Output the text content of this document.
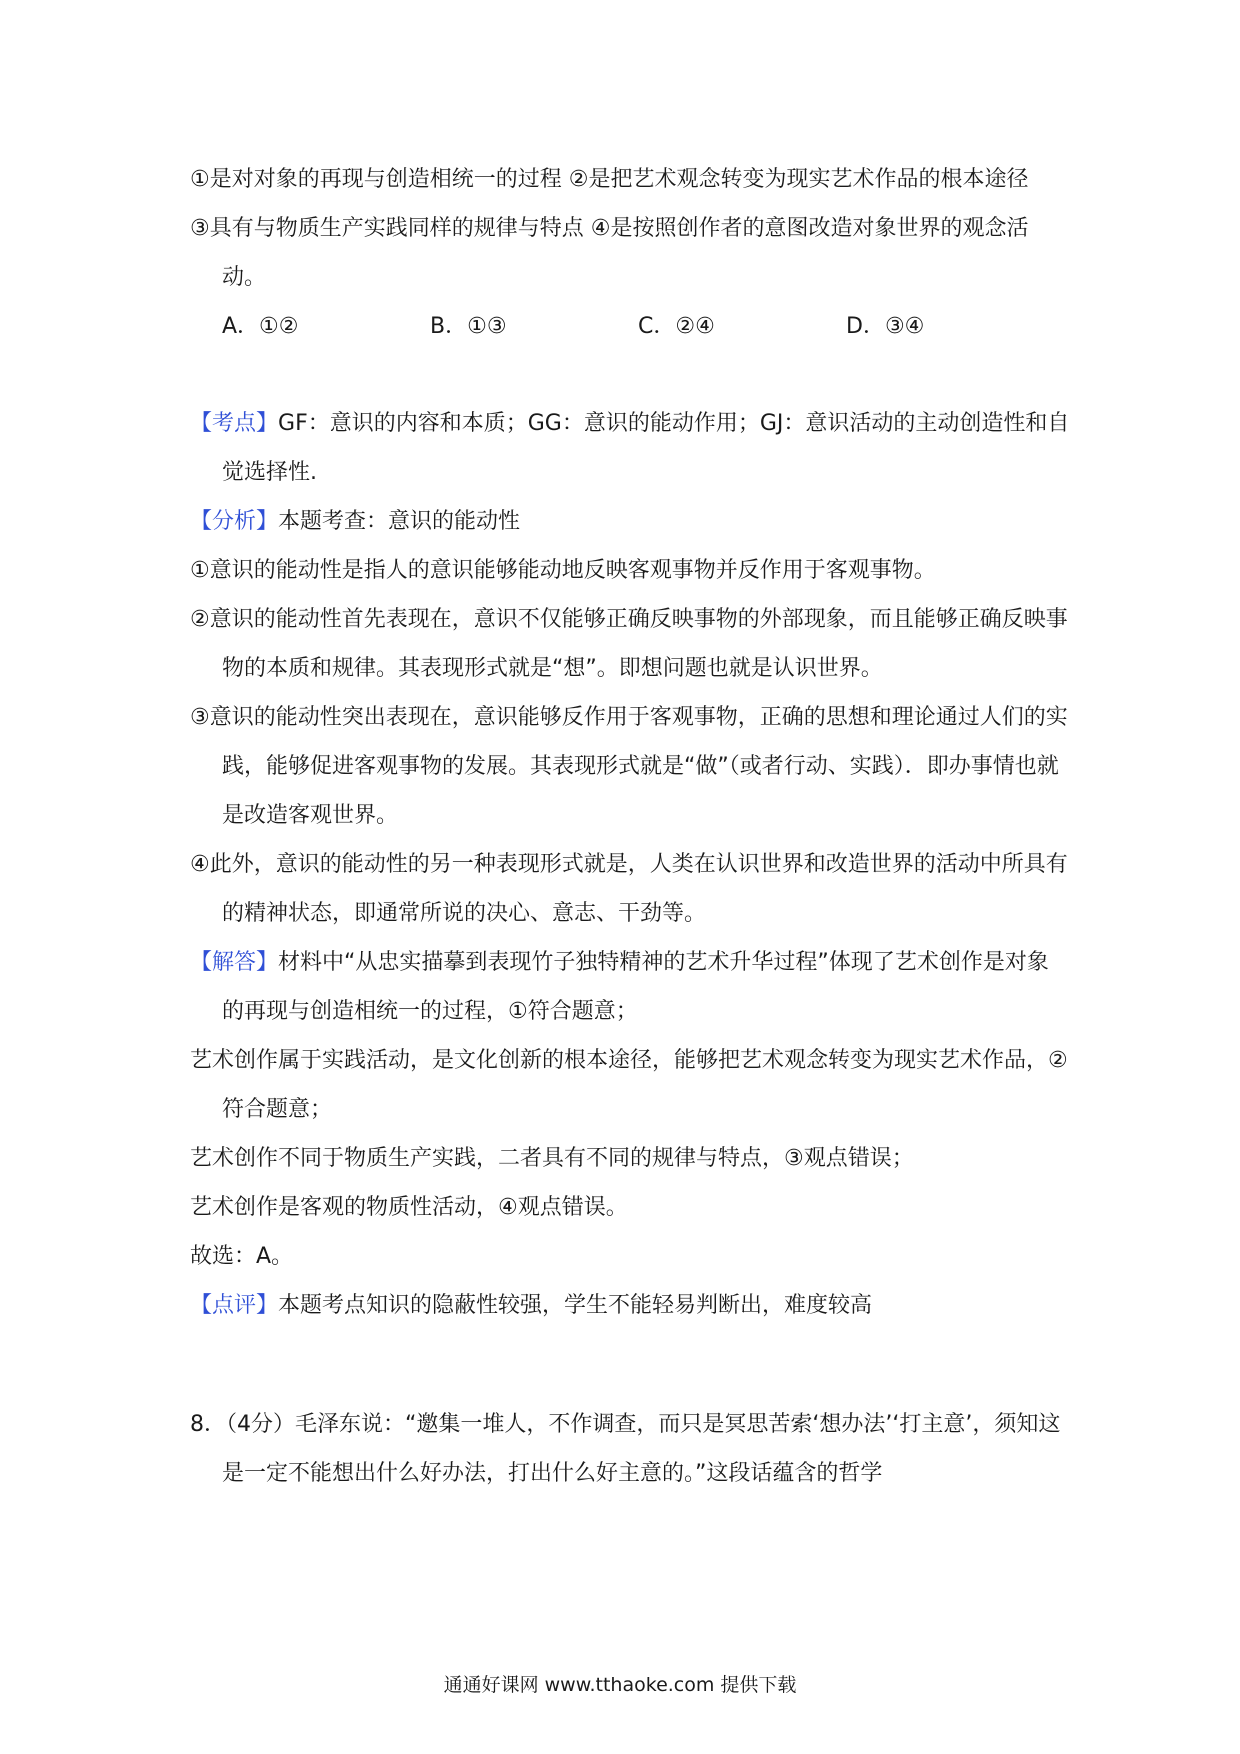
①是对对象的再现与创造相统一的过程 ②是把艺术观念转变为现实艺术作品的根本途径

③具有与物质生产实践同样的规律与特点 ④是按照创作者的意图改造对象世界的观念活动。

A．①②	B．①③	C．②④	D．③④

【考点】GF：意识的内容和本质；GG：意识的能动作用；GJ：意识活动的主动创造性和自觉选择性.

【分析】本题考查：意识的能动性

①意识的能动性是指人的意识能够能动地反映客观事物并反作用于客观事物。

②意识的能动性首先表现在，意识不仅能够正确反映事物的外部现象，而且能够正确反映事物的本质和规律。其表现形式就是“想”。即想问题也就是认识世界。

③意识的能动性突出表现在，意识能够反作用于客观事物，正确的思想和理论通过人们的实践，能够促进客观事物的发展。其表现形式就是“做”（或者行动、实践）．即办事情也就是改造客观世界。

④此外，意识的能动性的另一种表现形式就是，人类在认识世界和改造世界的活动中所具有的精神状态，即通常所说的决心、意志、干劲等。

【解答】材料中“从忠实描摹到表现竹子独特精神的艺术升华过程”体现了艺术创作是对象的再现与创造相统一的过程，①符合题意；

艺术创作属于实践活动，是文化创新的根本途径，能够把艺术观念转变为现实艺术作品，②符合题意；

艺术创作不同于物质生产实践，二者具有不同的规律与特点，③观点错误；

艺术创作是客观的物质性活动，④观点错误。

故选：A。

【点评】本题考点知识的隐蔽性较强，学生不能轻易判断出，难度较高

8．（4分）毛泽东说：“邀集一堆人，不作调查，而只是冥思苦索‘想办法’‘打主意’，须知这是一定不能想出什么好办法，打出什么好主意的。”这段话蕴含的哲学

通通好课网 www.tthaoke.com 提供下载
